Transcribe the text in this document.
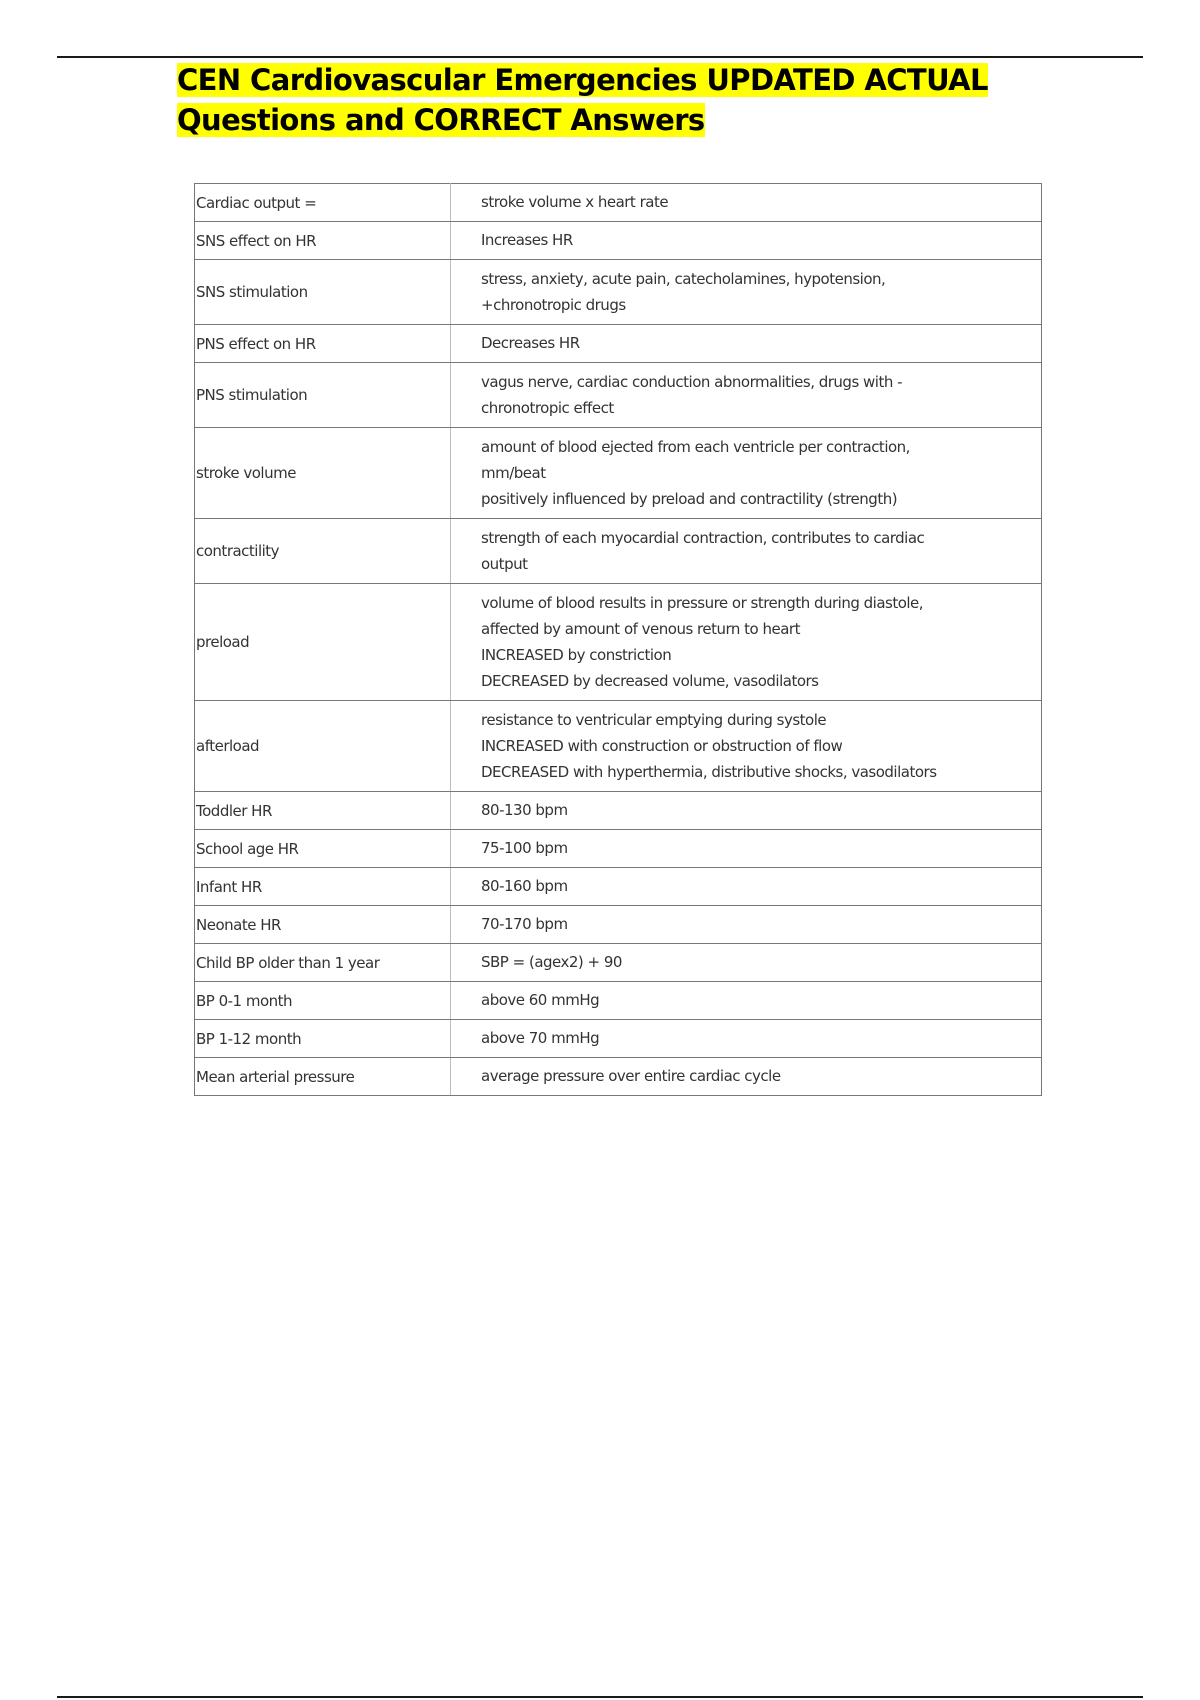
CEN Cardiovascular Emergencies UPDATED ACTUAL
Questions and CORRECT Answers
Cardiac output =	stroke volume x heart rate

SNS effect on HR	Increases HR

SNS stimulation	stress, anxiety, acute pain, catecholamines, hypotension,
+chronotropic drugs

PNS effect on HR	Decreases HR

PNS stimulation	vagus nerve, cardiac conduction abnormalities, drugs with -
chronotropic effect

stroke volume	amount of blood ejected from each ventricle per contraction,
mm/beat
positively influenced by preload and contractility (strength)

contractility	strength of each myocardial contraction, contributes to cardiac
output

preload	volume of blood results in pressure or strength during diastole,
affected by amount of venous return to heart
INCREASED by constriction
DECREASED by decreased volume, vasodilators

afterload	resistance to ventricular emptying during systole
INCREASED with construction or obstruction of flow
DECREASED with hyperthermia, distributive shocks, vasodilators

Toddler HR	80-130 bpm

School age HR	75-100 bpm

Infant HR	80-160 bpm

Neonate HR	70-170 bpm

Child BP older than 1 year	SBP = (agex2) + 90

BP 0-1 month	above 60 mmHg

BP 1-12 month	above 70 mmHg

Mean arterial pressure	average pressure over entire cardiac cycle
